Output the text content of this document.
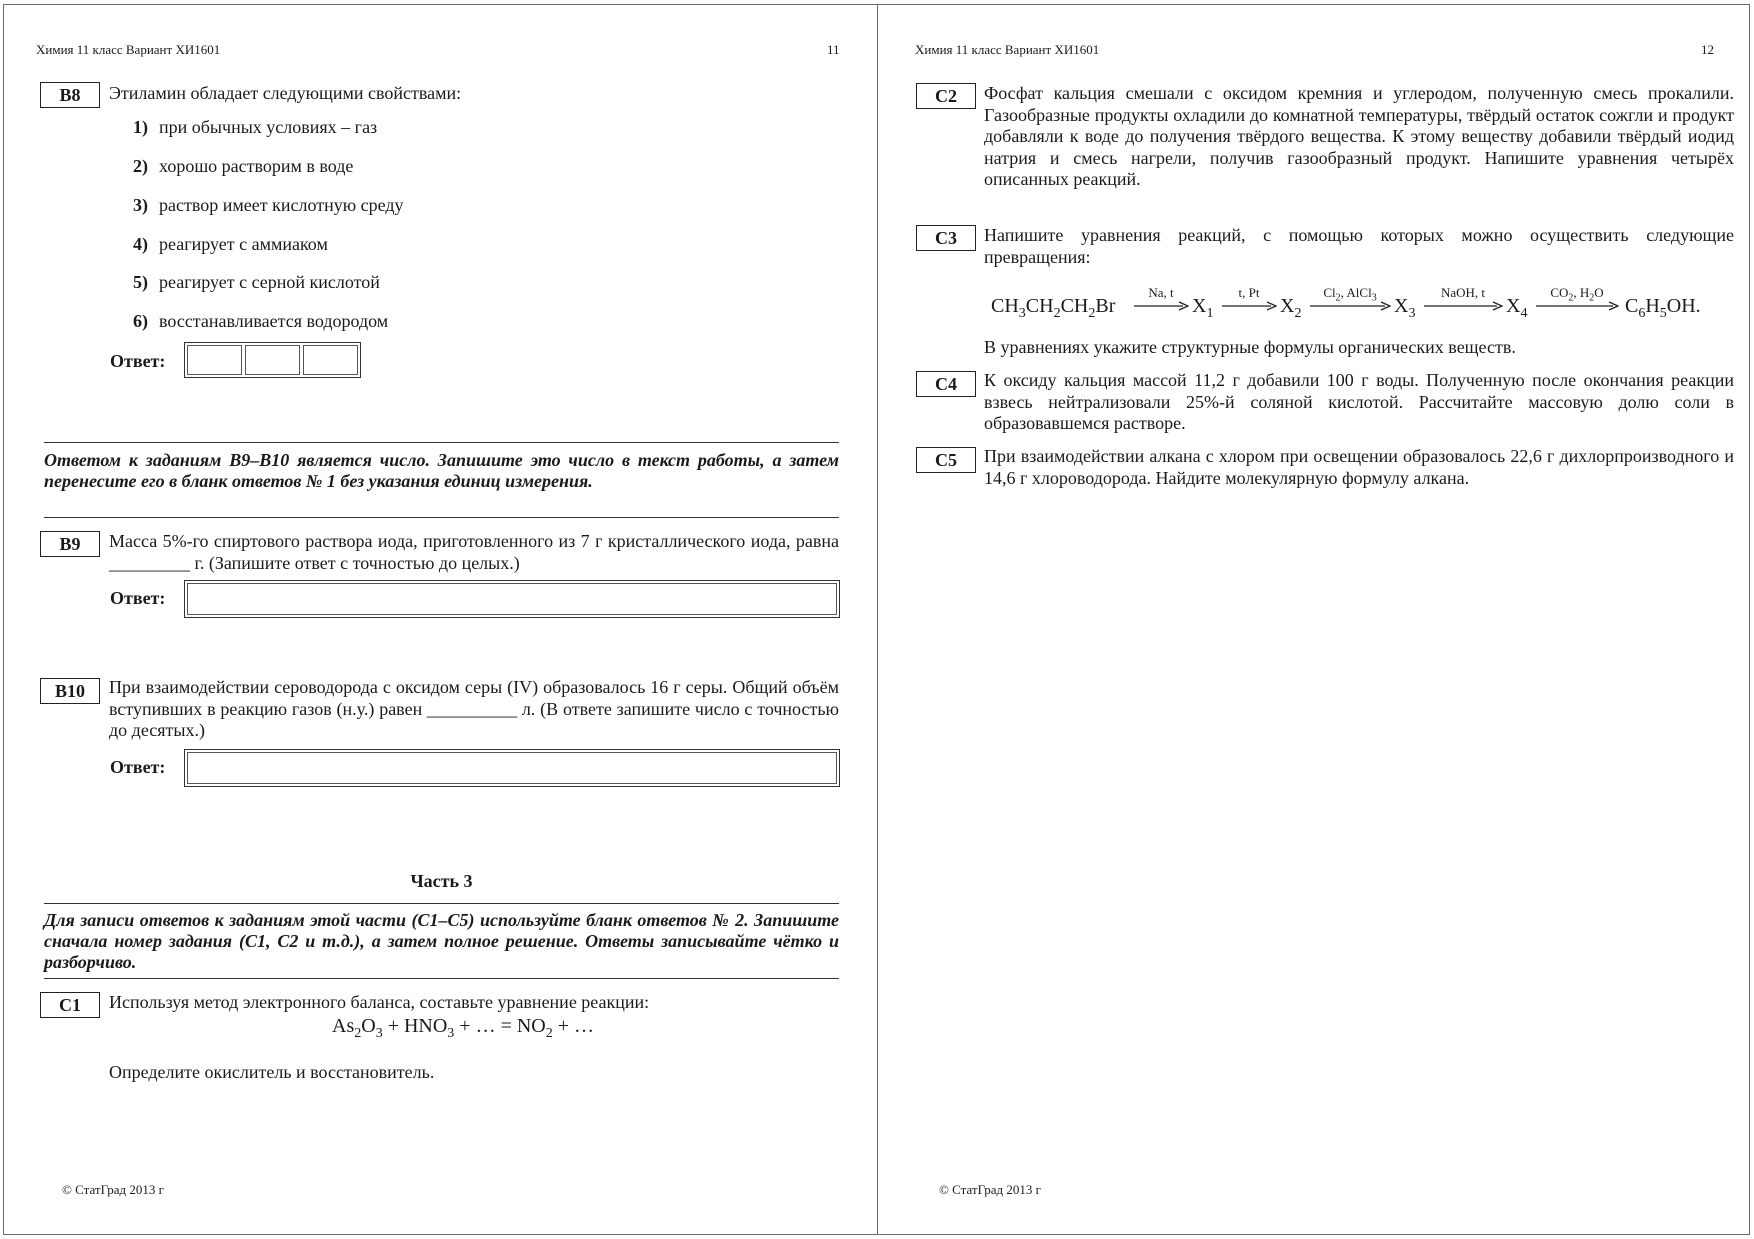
Химия 11 класс Вариант ХИ1601	11
B8	Этиламин обладает следующими свойствами:
1) при обычных условиях – газ
2) хорошо растворим в воде
3) раствор имеет кислотную среду
4) реагирует с аммиаком
5) реагирует с серной кислотой
6) восстанавливается водородом
Ответ:
Ответом к заданиям В9–В10 является число. Запишите это число в текст работы, а затем перенесите его в бланк ответов № 1 без указания единиц измерения.
B9	Масса 5%-го спиртового раствора иода, приготовленного из 7 г кристаллического иода, равна _________ г. (Запишите ответ с точностью до целых.)
Ответ:
B10	При взаимодействии сероводорода с оксидом серы (IV) образовалось 16 г серы. Общий объём вступивших в реакцию газов (н.у.) равен __________ л. (В ответе запишите число с точностью до десятых.)
Ответ:
Часть 3
Для записи ответов к заданиям этой части (С1–С5) используйте бланк ответов № 2. Запишите сначала номер задания (С1, С2 и т.д.), а затем полное решение. Ответы записывайте чётко и разборчиво.
C1	Используя метод электронного баланса, составьте уравнение реакции:
$As_2O_3 + HNO_3$ + … = $NO_2$ + …
Определите окислитель и восстановитель.
© СтатГрад 2013 г
Химия 11 класс Вариант ХИ1601	12
C2	Фосфат кальция смешали с оксидом кремния и углеродом, полученную смесь прокалили. Газообразные продукты охладили до комнатной температуры, твёрдый остаток сожгли и продукт добавляли к воде до получения твёрдого вещества. К этому веществу добавили твёрдый иодид натрия и смесь нагрели, получив газообразный продукт. Напишите уравнения четырёх описанных реакций.
C3	Напишите уравнения реакций, с помощью которых можно осуществить следующие превращения:
$CH_3CH_2CH_2Br$
Na, t
$X_1$
t, Pt
$X_2$
$Cl_2$, AlCl$_3$ $X_3$
NaOH, t
$X_4$
$CO_2$, $H_2O$
$C_6H_5OH$.
В уравнениях укажите структурные формулы органических веществ.
C4	К оксиду кальция массой 11,2 г добавили 100 г воды. Полученную после окончания реакции взвесь нейтрализовали 25%-й соляной кислотой. Рассчитайте массовую долю соли в образовавшемся растворе.
C5	При взаимодействии алкана с хлором при освещении образовалось 22,6 г дихлорпроизводного и 14,6 г хлороводорода. Найдите молекулярную формулу алкана.
© СтатГрад 2013 г
